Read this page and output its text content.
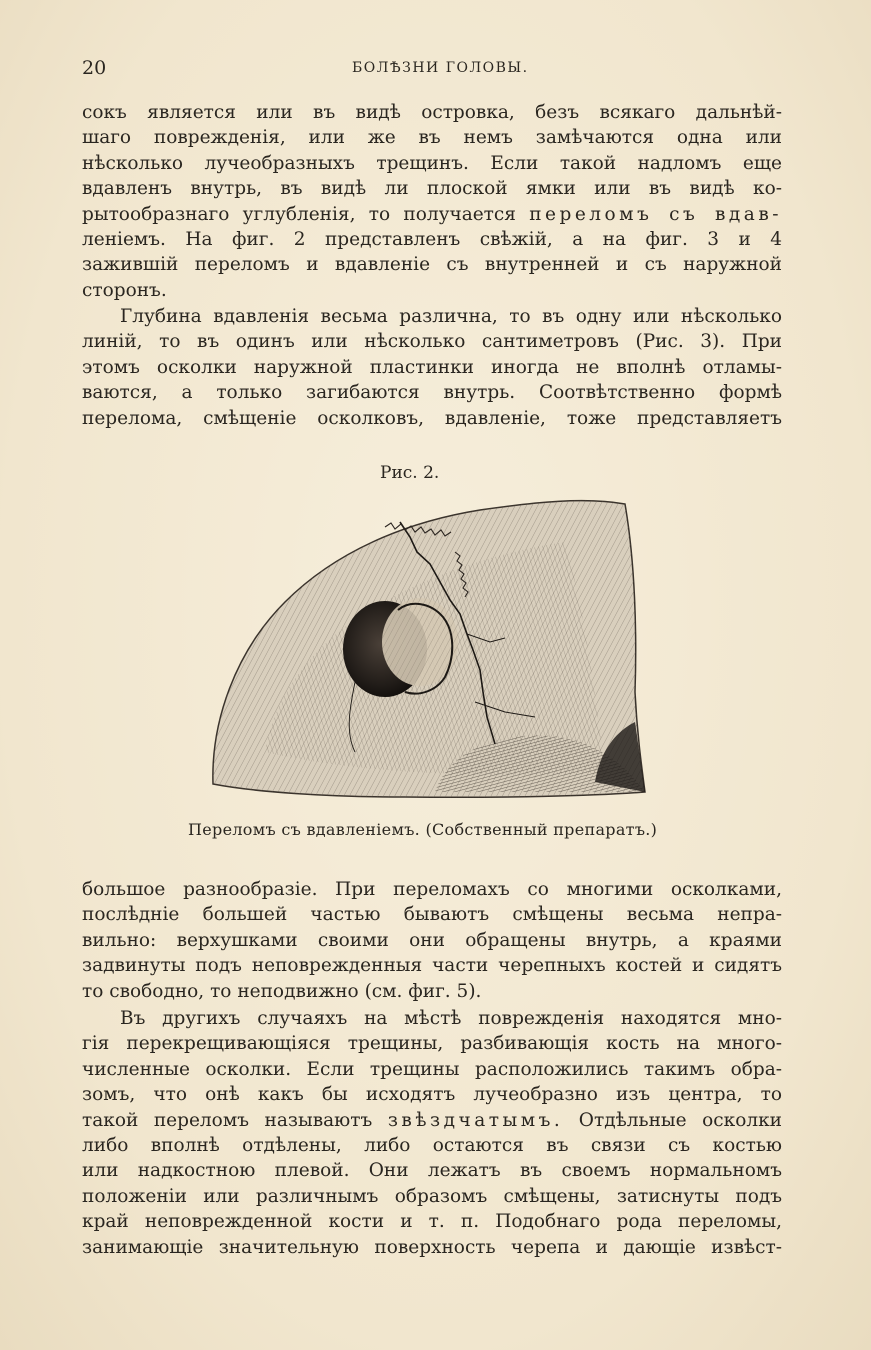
20	БОЛѢЗНИ ГОЛОВЫ.
сокъ является или въ видѣ островка, безъ всякаго дальнѣй-
шаго поврежденія, или же въ немъ замѣчаются одна или
нѣсколько лучеобразныхъ трещинъ. Если такой надломъ еще
вдавленъ внутрь, въ видѣ ли плоской ямки или въ видѣ ко-
рытообразнаго углубленія, то получается переломъ съ вдав-
леніемъ. На фиг. 2 представленъ свѣжій, а на фиг. 3 и 4
зажившій переломъ и вдавленіе съ внутренней и съ наружной
сторонъ.
Глубина вдавленія весьма различна, то въ одну или нѣсколько
линій, то въ одинъ или нѣсколько сантиметровъ (Рис. 3). При
этомъ осколки наружной пластинки иногда не вполнѣ отламы-
ваются, а только загибаются внутрь. Соотвѣтственно формѣ
перелома, смѣщеніе осколковъ, вдавленіе, тоже представляетъ
Рис. 2.
Переломъ съ вдавленіемъ. (Собственный препаратъ.)
большое разнообразіе. При переломахъ со многими осколками,
послѣдніе большей частью бываютъ смѣщены весьма непра-
вильно: верхушками своими они обращены внутрь, а краями
задвинуты подъ неповрежденныя части черепныхъ костей и сидятъ
то свободно, то неподвижно (см. фиг. 5).
Въ другихъ случаяхъ на мѣстѣ поврежденія находятся мно-
гія перекрещивающіяся трещины, разбивающія кость на много-
численные осколки. Если трещины расположились такимъ обра-
зомъ, что онѣ какъ бы исходятъ лучеобразно изъ центра, то
такой переломъ называютъ звѣздчатымъ. Отдѣльные осколки
либо вполнѣ отдѣлены, либо остаются въ связи съ костью
или надкостною плевой. Они лежатъ въ своемъ нормальномъ
положеніи или различнымъ образомъ смѣщены, затиснуты подъ
край неповрежденной кости и т. п. Подобнаго рода переломы,
занимающіе значительную поверхность черепа и дающіе извѣст-
